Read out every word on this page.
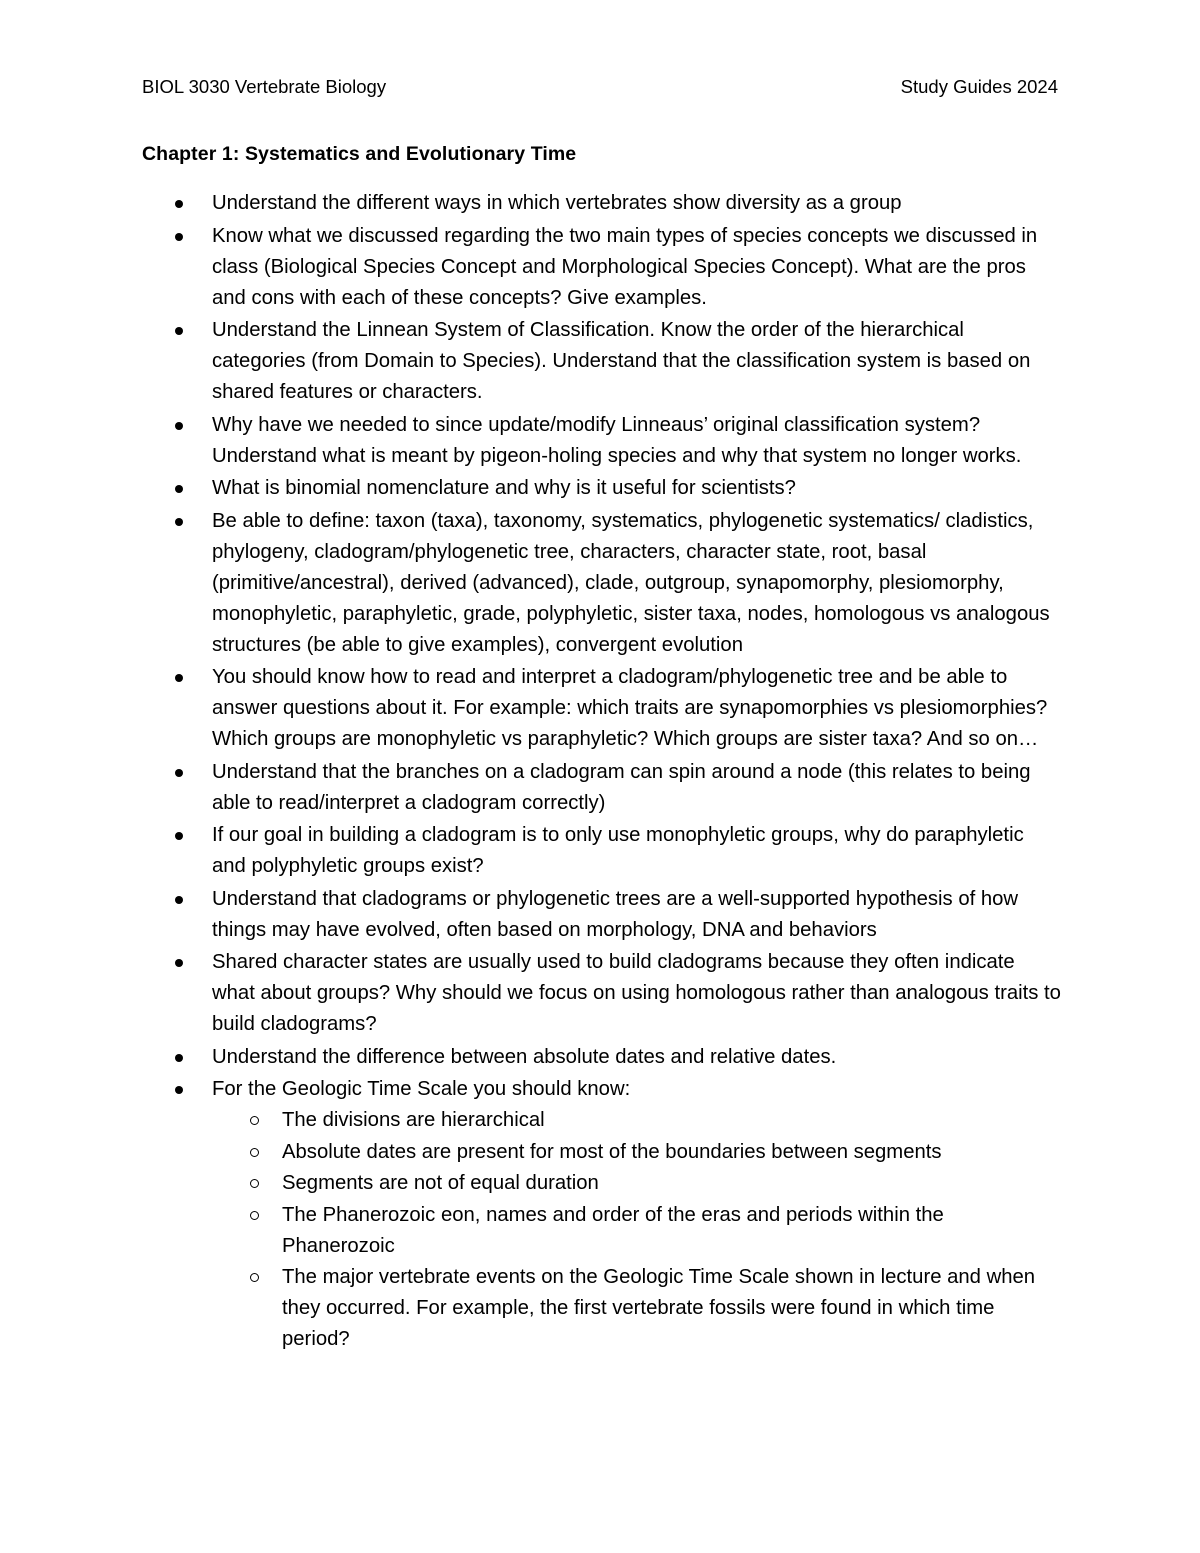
BIOL 3030 Vertebrate Biology	Study Guides 2024
Chapter 1: Systematics and Evolutionary Time
Understand the different ways in which vertebrates show diversity as a group
Know what we discussed regarding the two main types of species concepts we discussed in class (Biological Species Concept and Morphological Species Concept). What are the pros and cons with each of these concepts? Give examples.
Understand the Linnean System of Classification. Know the order of the hierarchical categories (from Domain to Species). Understand that the classification system is based on shared features or characters.
Why have we needed to since update/modify Linneaus’ original classification system? Understand what is meant by pigeon-holing species and why that system no longer works.
What is binomial nomenclature and why is it useful for scientists?
Be able to define: taxon (taxa), taxonomy, systematics, phylogenetic systematics/ cladistics, phylogeny, cladogram/phylogenetic tree, characters, character state, root, basal (primitive/ancestral), derived (advanced), clade, outgroup, synapomorphy, plesiomorphy, monophyletic, paraphyletic, grade, polyphyletic, sister taxa, nodes, homologous vs analogous structures (be able to give examples), convergent evolution
You should know how to read and interpret a cladogram/phylogenetic tree and be able to answer questions about it. For example: which traits are synapomorphies vs plesiomorphies? Which groups are monophyletic vs paraphyletic? Which groups are sister taxa? And so on…
Understand that the branches on a cladogram can spin around a node (this relates to being able to read/interpret a cladogram correctly)
If our goal in building a cladogram is to only use monophyletic groups, why do paraphyletic and polyphyletic groups exist?
Understand that cladograms or phylogenetic trees are a well-supported hypothesis of how things may have evolved, often based on morphology, DNA and behaviors
Shared character states are usually used to build cladograms because they often indicate what about groups? Why should we focus on using homologous rather than analogous traits to build cladograms?
Understand the difference between absolute dates and relative dates.
For the Geologic Time Scale you should know:
The divisions are hierarchical
Absolute dates are present for most of the boundaries between segments
Segments are not of equal duration
The Phanerozoic eon, names and order of the eras and periods within the Phanerozoic
The major vertebrate events on the Geologic Time Scale shown in lecture and when they occurred. For example, the first vertebrate fossils were found in which time period?
